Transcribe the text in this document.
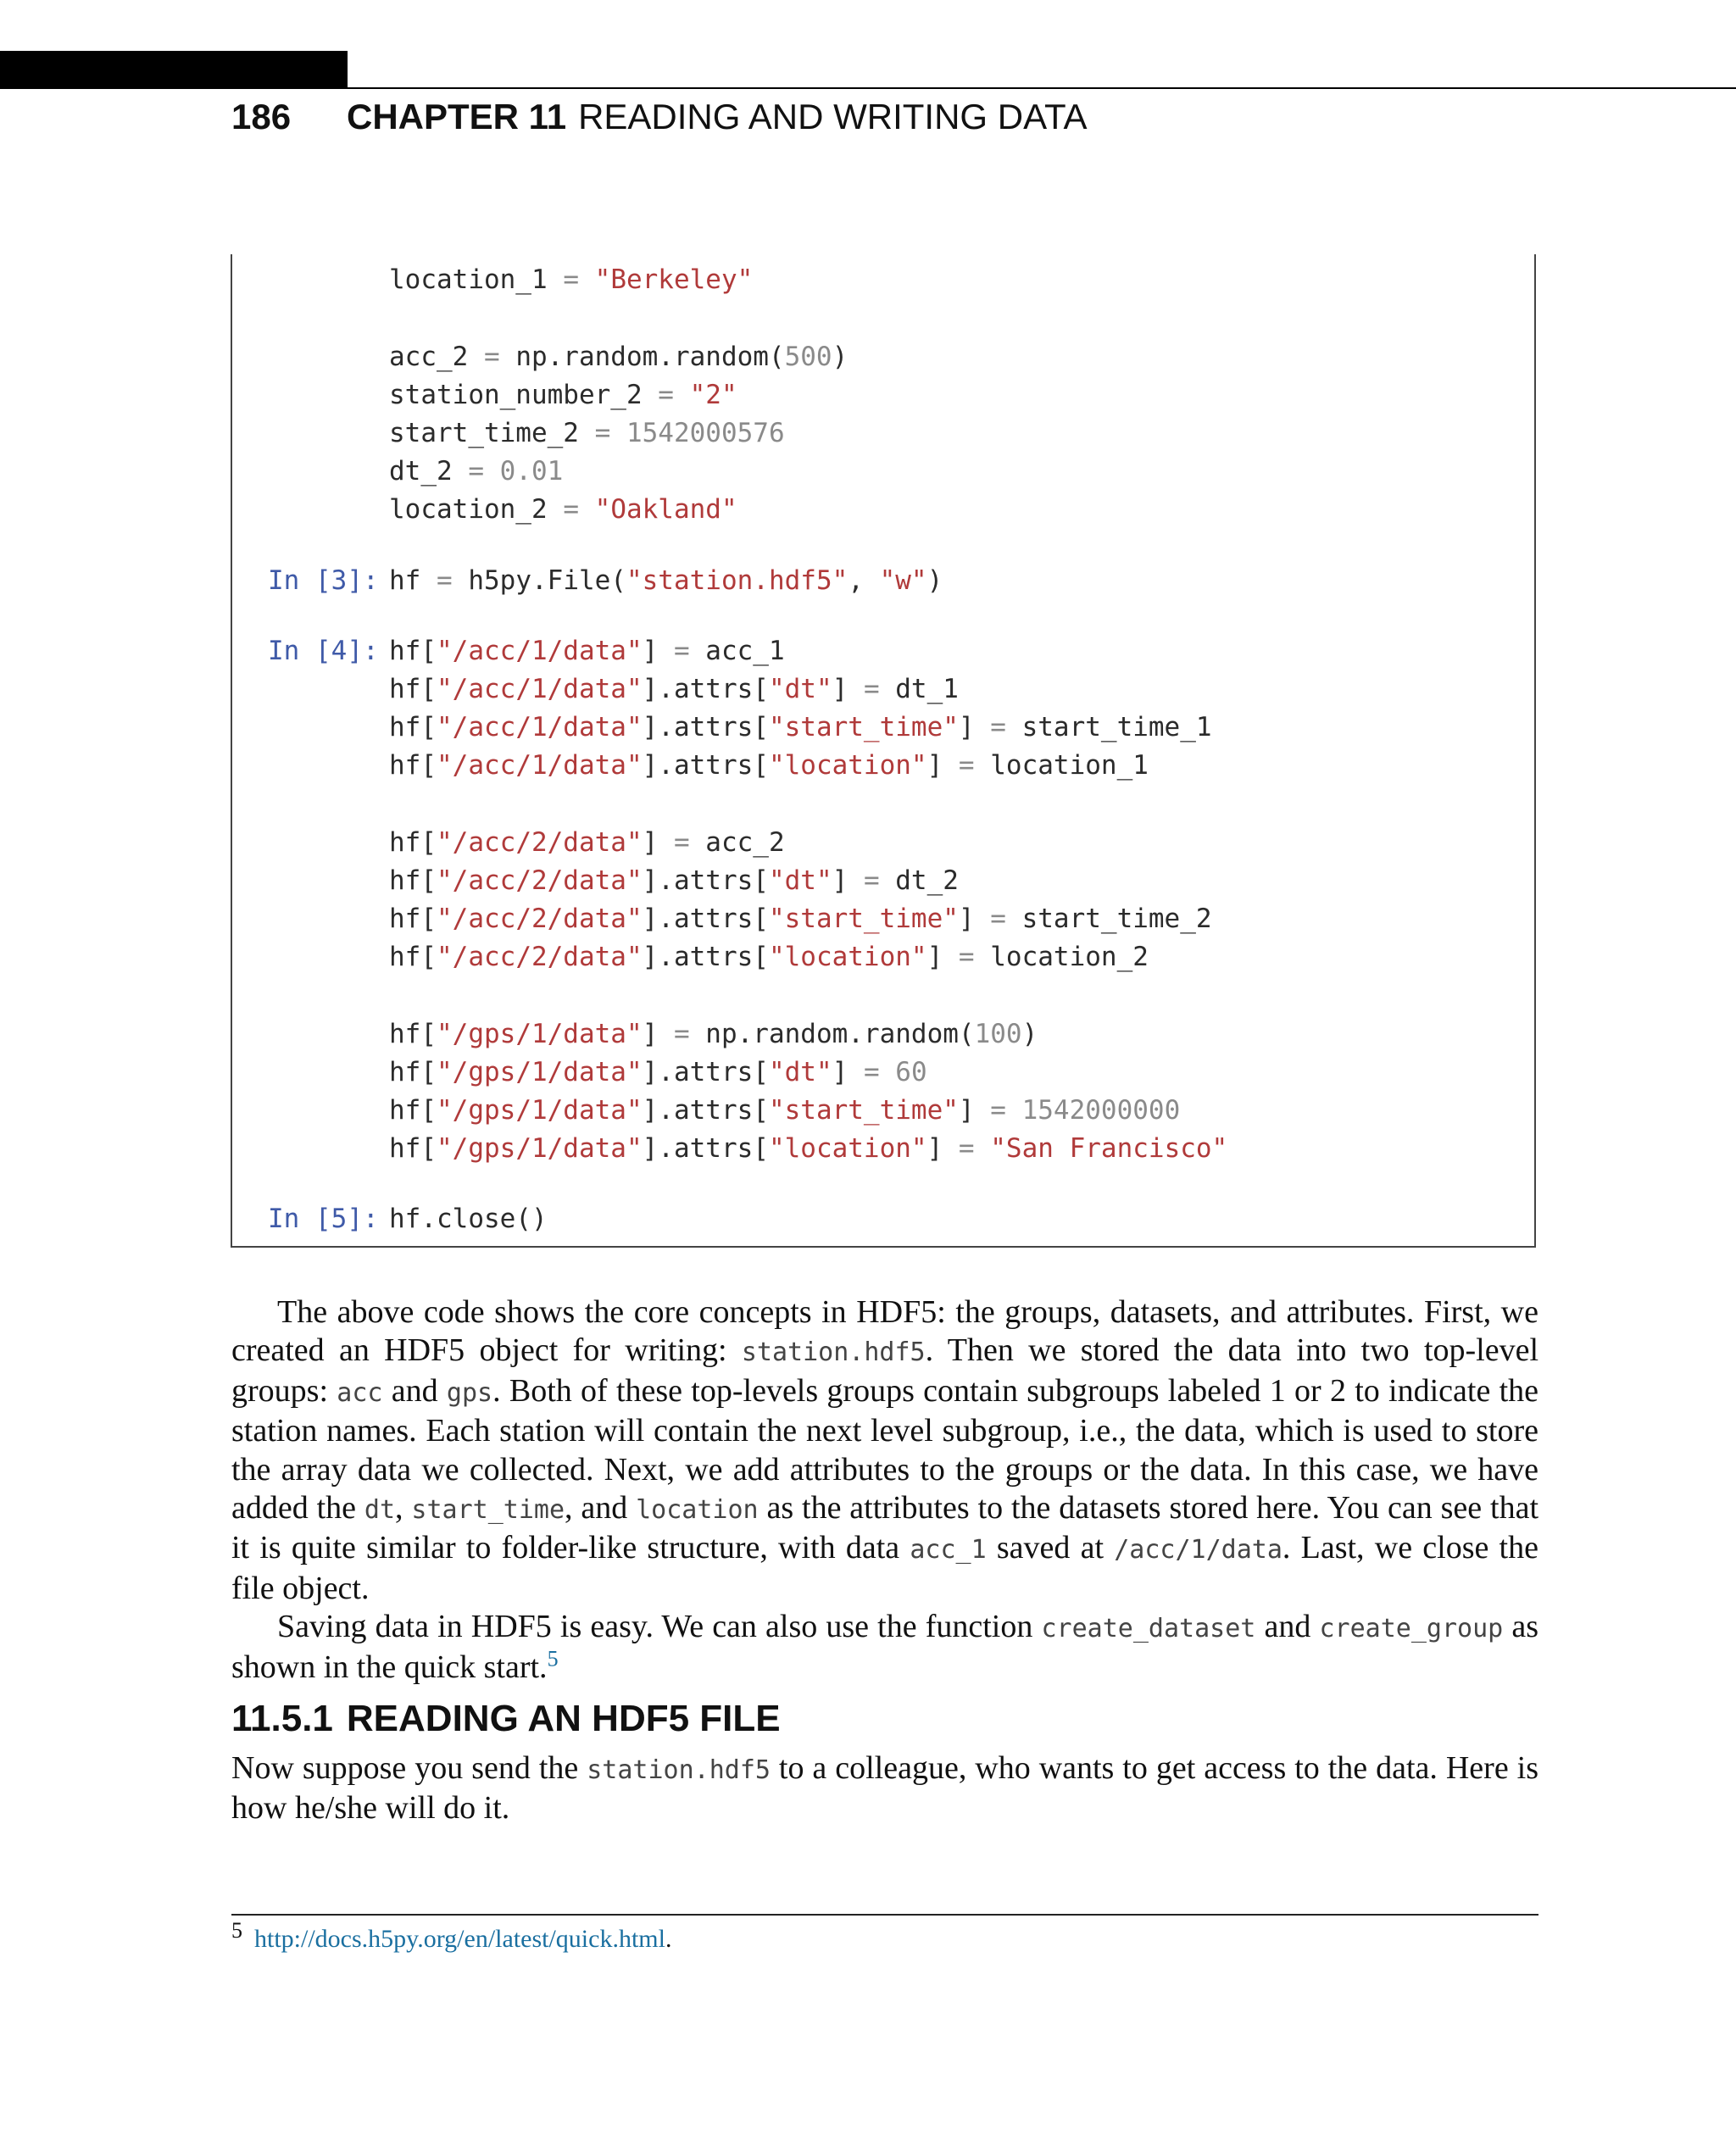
186 CHAPTER 11 READING AND WRITING DATA
location_1 = "Berkeley"
acc_2 = np.random.random(500)
station_number_2 = "2"
start_time_2 = 1542000576
dt_2 = 0.01
location_2 = "Oakland"
In [3]: hf = h5py.File("station.hdf5", "w")
In [4]: hf["/acc/1/data"] = acc_1
hf["/acc/1/data"].attrs["dt"] = dt_1
hf["/acc/1/data"].attrs["start_time"] = start_time_1
hf["/acc/1/data"].attrs["location"] = location_1
hf["/acc/2/data"] = acc_2
hf["/acc/2/data"].attrs["dt"] = dt_2
hf["/acc/2/data"].attrs["start_time"] = start_time_2
hf["/acc/2/data"].attrs["location"] = location_2
hf["/gps/1/data"] = np.random.random(100)
hf["/gps/1/data"].attrs["dt"] = 60
hf["/gps/1/data"].attrs["start_time"] = 1542000000
hf["/gps/1/data"].attrs["location"] = "San Francisco"
In [5]: hf.close()

The above code shows the core concepts in HDF5: the groups, datasets, and attributes. First, we created an HDF5 object for writing: station.hdf5. Then we stored the data into two top-level groups: acc and gps. Both of these top-levels groups contain subgroups labeled 1 or 2 to indicate the station names. Each station will contain the next level subgroup, i.e., the data, which is used to store the array data we collected. Next, we add attributes to the groups or the data. In this case, we have added the dt, start_time, and location as the attributes to the datasets stored here. You can see that it is quite similar to folder-like structure, with data acc_1 saved at /acc/1/data. Last, we close the file object.

Saving data in HDF5 is easy. We can also use the function create_dataset and create_group as shown in the quick start.$^5$

11.5.1 READING AN HDF5 FILE

Now suppose you send the station.hdf5 to a colleague, who wants to get access to the data. Here is how he/she will do it.

5 http://docs.h5py.org/en/latest/quick.html.
